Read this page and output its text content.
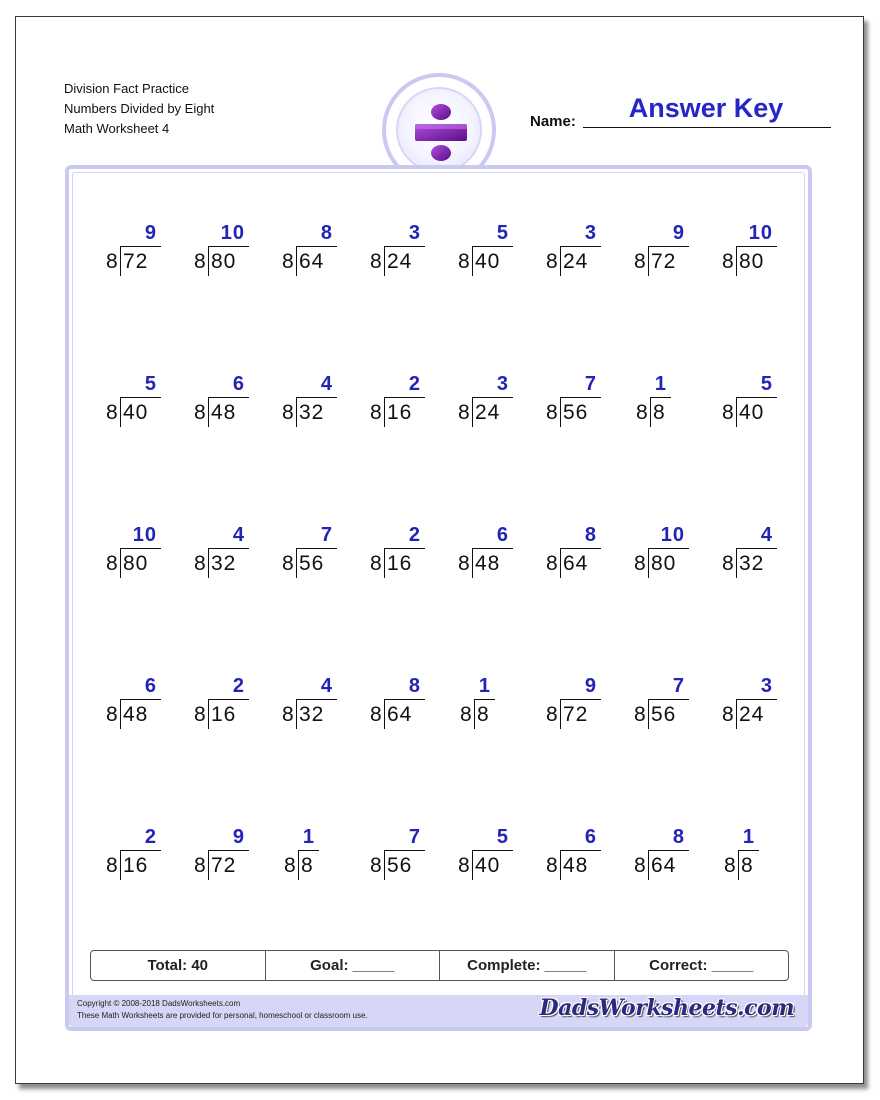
Division Fact Practice
Numbers Divided by Eight
Math Worksheet 4	Name:	Answer Key
9
8 72
10
8 80
8
8 64
3
8 24
5
8 40
3
8 24
9
8 72
10
8 80
5
8 40
6
8 48
4
8 32
2
8 16
3
8 24
7
8 56
1
8 8
5
8 40
10
8 80
4
8 32
7
8 56
2
8 16
6
8 48
8
8 64
10
8 80
4
8 32
6
8 48
2
8 16
4
8 32
8
8 64
1
8 8
9
8 72
7
8 56
3
8 24
2
8 16
9
8 72
1
8 8
7
8 56
5
8 40
6
8 48
8
8 64
1
8 8
Total: 40	Goal: _____	Complete: _____	Correct: _____
Copyright © 2008-2018 DadsWorksheets.com
These Math Worksheets are provided for personal, homeschool or classroom use.	DadsWorksheets.com
